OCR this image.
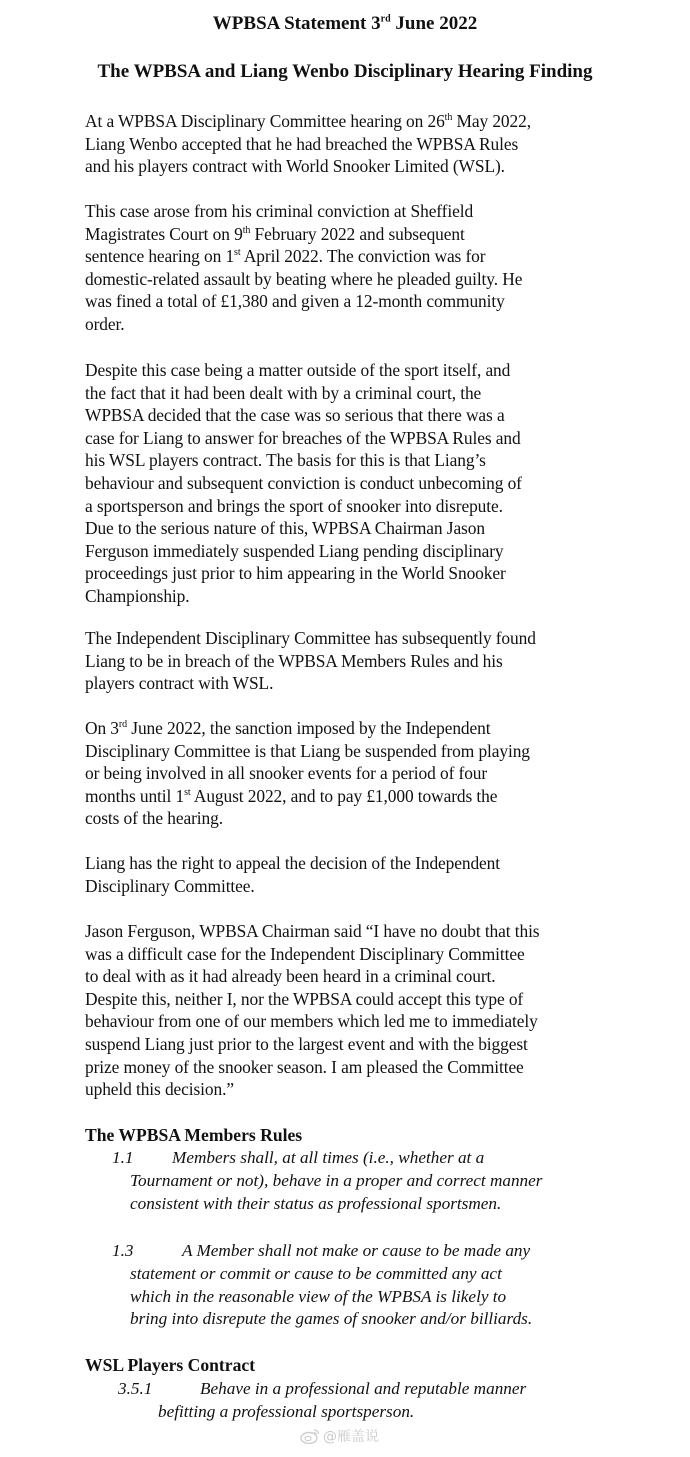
WPBSA Statement 3rd June 2022
The WPBSA and Liang Wenbo Disciplinary Hearing Finding

At a WPBSA Disciplinary Committee hearing on 26th May 2022,
Liang Wenbo accepted that he had breached the WPBSA Rules
and his players contract with World Snooker Limited (WSL).

This case arose from his criminal conviction at Sheffield
Magistrates Court on 9th February 2022 and subsequent
sentence hearing on 1st April 2022. The conviction was for
domestic-related assault by beating where he pleaded guilty. He
was fined a total of £1,380 and given a 12-month community
order.

Despite this case being a matter outside of the sport itself, and
the fact that it had been dealt with by a criminal court, the
WPBSA decided that the case was so serious that there was a
case for Liang to answer for breaches of the WPBSA Rules and
his WSL players contract. The basis for this is that Liang’s
behaviour and subsequent conviction is conduct unbecoming of
a sportsperson and brings the sport of snooker into disrepute.
Due to the serious nature of this, WPBSA Chairman Jason
Ferguson immediately suspended Liang pending disciplinary
proceedings just prior to him appearing in the World Snooker
Championship.

The Independent Disciplinary Committee has subsequently found
Liang to be in breach of the WPBSA Members Rules and his
players contract with WSL.

On 3rd June 2022, the sanction imposed by the Independent
Disciplinary Committee is that Liang be suspended from playing
or being involved in all snooker events for a period of four
months until 1st August 2022, and to pay £1,000 towards the
costs of the hearing.

Liang has the right to appeal the decision of the Independent
Disciplinary Committee.

Jason Ferguson, WPBSA Chairman said “I have no doubt that this
was a difficult case for the Independent Disciplinary Committee
to deal with as it had already been heard in a criminal court.
Despite this, neither I, nor the WPBSA could accept this type of
behaviour from one of our members which led me to immediately
suspend Liang just prior to the largest event and with the biggest
prize money of the snooker season. I am pleased the Committee
upheld this decision.”

The WPBSA Members Rules
1.1 Members shall, at all times (i.e., whether at a
Tournament or not), behave in a proper and correct manner
consistent with their status as professional sportsmen.
1.3	A Member shall not make or cause to be made any
statement or commit or cause to be committed any act
which in the reasonable view of the WPBSA is likely to
bring into disrepute the games of snooker and/or billiards.
WSL Players Contract
3.5.1	Behave in a professional and reputable manner
befitting a professional sportsperson.
@雁盖说
